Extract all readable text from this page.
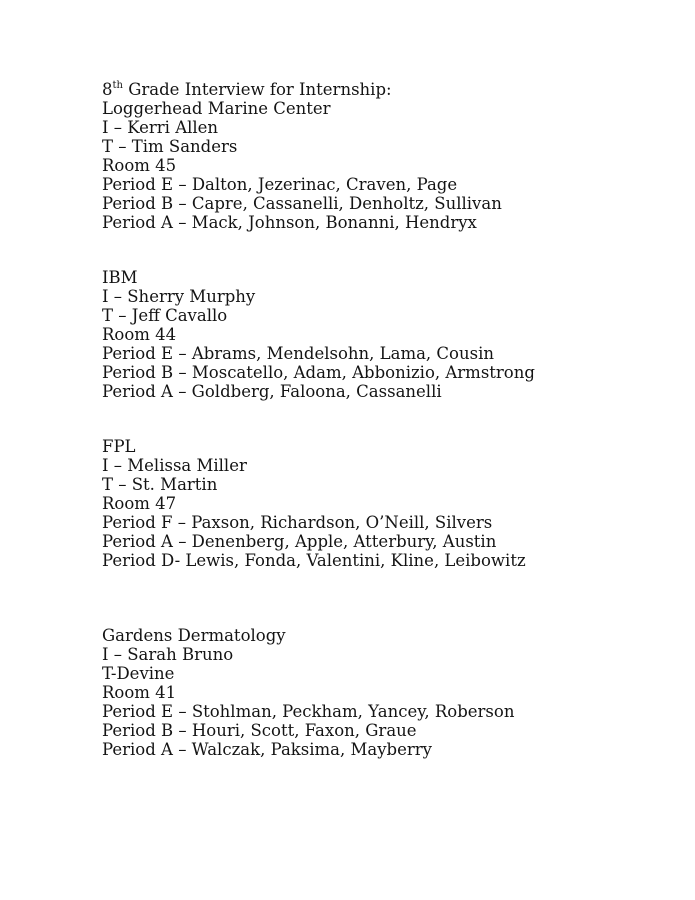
8th Grade Interview for Internship:

Loggerhead Marine Center

I – Kerri Allen

T – Tim Sanders

Room 45

Period E – Dalton, Jezerinac, Craven, Page

Period B – Capre, Cassanelli, Denholtz, Sullivan

Period A – Mack, Johnson, Bonanni, Hendryx

IBM

I – Sherry Murphy

T – Jeff Cavallo

Room 44

Period E – Abrams, Mendelsohn, Lama, Cousin

Period B – Moscatello, Adam, Abbonizio, Armstrong

Period A – Goldberg, Faloona, Cassanelli

FPL

I – Melissa Miller

T – St. Martin

Room 47

Period F – Paxson, Richardson, O’Neill, Silvers

Period A – Denenberg, Apple, Atterbury, Austin

Period D- Lewis, Fonda, Valentini, Kline, Leibowitz

Gardens Dermatology

I – Sarah Bruno

T-Devine

Room 41

Period E – Stohlman, Peckham, Yancey, Roberson

Period B – Houri, Scott, Faxon, Graue

Period A – Walczak, Paksima, Mayberry
